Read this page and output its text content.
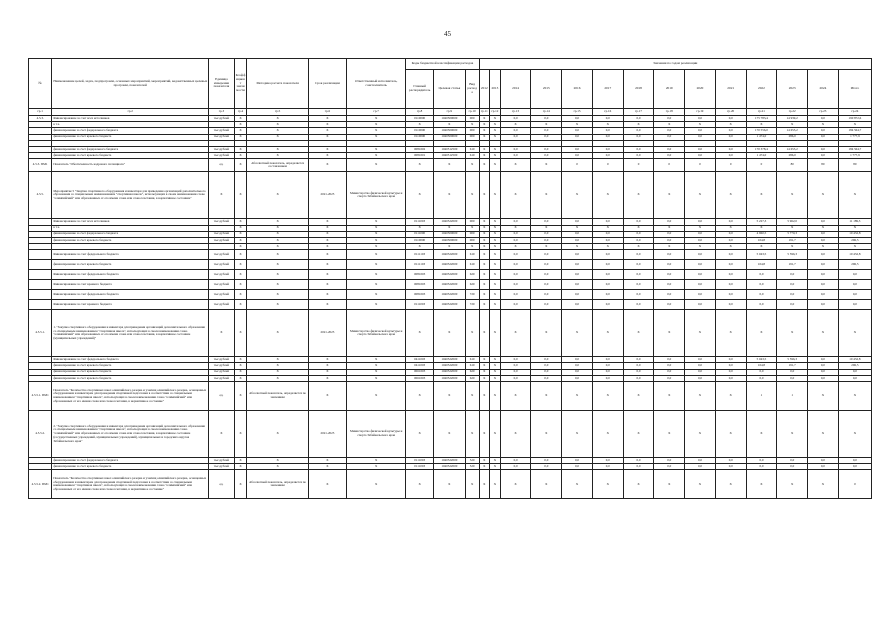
45
№	Наименование целей, задач, подпрограмм, основных мероприятий, мероприятий, ведомственных целевых программ, показателей	Единица измерения показателя	Коэффициент значимости	Методика расчета показателя	Срок реализации	Ответственный исполнитель, соисполнитель	Коды бюджетной классификации расходов			Значения по годам реализации													
							Главный распорядитель	Целевая статья	Вид расхода	2012	2013	2014	2015	2016	2017	2018	2019	2020	2021	2022	2023	2024	Итого
гр.1	гр.2	гр.3	гр.4	гр.5	гр.6	гр.7	гр.8	гр.9	гр.10	гр.11	гр.12	гр.13	гр.14	гр.15	гр.16	гр.17	гр.18	гр.19	гр.20	гр.21	гр.22	гр.23	гр.24
4.5.3.	Финансирование за счет всех источников	тыс.рублей	X	X	X	X	0110000	1040500000	000	X	X	0,0	0,0	0,0	0,0	0,0	0,0	0,0	0,0	175 783,4	14 939,2	0,0	190 872,6
	в т.ч.		X	X	X	X	X	X	X	X	X	X	X	X	X	X	X	X	X	X	X	X	X
	финансирование за счет федерального бюджета	тыс.рублей	X	X	X	X	0110000	1040500000	000	X	X	0,0	0,0	0,0	0,0	0,0	0,0	0,0	0,0	170 556,0	14 653,2	0,0	184 564,7
	финансирование за счет краевого бюджета	тыс.рублей	X	X	X	X	0110000	1040500000	000	X	X	0,0	0,0	0,0	0,0	0,0	0,0	0,0	0,0	1 474,0	286,0	0,0	1 777,9

	финансирование за счет федерального бюджета	тыс.рублей	X	X	X	X	0081002	1040512500	610	X	X	0,0	0,0	0,0	0,0	0,0	0,0	0,0	0,0	170 378,4	14 653,2	0,0	184 564,7
	финансирование за счет краевого бюджета	тыс.рублей	X	X	X	X	0081001	1040512500	610	X	X	0,0	0,0	0,0	0,0	0,0	0,0	0,0	0,0	1 474,0	286,0	0,0	1 777,9
4.5.3. ПМ1	Показатель "Обеспеченность кадрового потенциала"	ед.	X	Абсолютный показатель, определяется составлением	X	X	X	X	X	X	X	X	X	0	0	0	0	0	0	0	80	80	80
4.5.5.	Мероприятие 5 "Закупка спортивного оборудования и инвентаря для приведения организаций дополнительного образования со специальным наименованием "спортивная школа", использующих в своем наименовании слово "олимпийский" или образованных от его имени слова или словосочетания, в нормативное состояние"	X	X	X	2021-2025	Министерство физической культуры и спорта Забайкальского края	X	X	X	X	X	X	X	X	X	X	X	X	X	X	X	X	X
	Финансирование за счет всех источников	тыс.рублей	X	X	X	X	0111003	1040522000	000	X	X	0,0	0,0	0,0	0,0	0,0	0,0	0,0	0,0	5 227,3	5 962,0	0,0	11 189,3
	в т.ч.		X	X	X	X	X	X	X	X	X	X	X	X	X	X	X	X	X	X	X	X	X
	финансирование за счет федерального бюджета	тыс.рублей	X	X	X	X	0111000	1040500000	000	X	X	0,0	0,0	0,0	0,0	0,0	0,0	0,0	0,0	4 960,5	5 770,3	0,0	10 432,8
	финансирование за счет краевого бюджета	тыс.рублей	X	X	X	X	0110000	1040500000	000	X	X	0,0	0,0	0,0	0,0	0,0	0,0	0,0	0,0	104,8	191,7	0,0	296,5
			X	X	X	X	X	X	X	X	X	X	X	X	X	X	X	X	X	X	X	X	X
	Финансирование за счет федерального бюджета	тыс.рублей	X	X	X	X	0111103	1040522000	610	X	X	0,0	0,0	0,0	0,0	0,0	0,0	0,0	0,0	5 043,5	5 596,3	0,0	10 432,8
	финансирование за счет краевого бюджета	тыс.рублей	X	X	X	X	0111103	1040522000	610	X	X	0,0	0,0	0,0	0,0	0,0	0,0	0,0	0,0	104,8	191,7	0,0	296,5
	Финансирование за счет федерального бюджета	тыс.рублей	X	X	X	X	0081003	1040522000	620	X	X	0,0	0,0	0,0	0,0	0,0	0,0	0,0	0,0	0,0	0,0	0,0	0,0
	Финансирование за счет краевого бюджета	тыс.рублей	X	X	X	X	0081003	1040522000	620	X	X	0,0	0,0	0,0	0,0	0,0	0,0	0,0	0,0	0,0	0,0	0,0	0,0
	Финансирование за счет федерального бюджета	тыс.рублей	X	X	X	X	0081003	1040522000	720	X	X	0,0	0,0	0,0	0,0	0,0	0,0	0,0	0,0	0,0	0,0	0,0	0,0
	Финансирование за счет краевого бюджета	тыс.рублей	X	X	X	X	0111003	1040522000	720	X	X	0,0	0,0	0,0	0,0	0,0	0,0	0,0	0,0	0,0	0,0	0,0	0,0
4.5.5.1.	1. "Закупка спортивного оборудования и инвентаря для приведения организаций дополнительного образования со специальным наименованием "спортивная школа", использующих в своем наименовании слово "олимпийский" или образованных от его имени слова или словосочетания, в нормативное состояние (муниципальных учреждений)"	X	X	X	2021-2025	Министерство физической культуры и спорта Забайкальского края	X	X	X	X	X	X	X	X	X	X	X	X	X	X	X	X	X
	Финансирование за счет федерального бюджета	тыс.рублей	X	X	X	X	0411003	1040522000	610	X	X	0,0	0,0	0,0	0,0	0,0	0,0	0,0	0,0	5 043,5	5 596,3	0,0	10 432,8
	финансирование за счет краевого бюджета	тыс.рублей	X	X	X	X	0411003	1040522000	610	X	X	0,0	0,0	0,0	0,0	0,0	0,0	0,0	0,0	104,8	191,7	0,0	296,5
	финансирование за счет краевого бюджета	тыс.рублей	X	X	X	X	0061003	1040522000	620	X	X	0,0	0,0	0,0	0,0	0,0	0,0	0,0	0,0	0,0	0,0	0,0	0,0
	финансирование за счет краевого бюджета	тыс.рублей	X	X	X	X	0061003	1040522000	620	X	X	0,0	0,0	0,0	0,0	0,0	0,0	0,0	0,0	0,0	0,0	0,0	0,0
4.5.5.1. ПМ1	Показатель "Количество спортивных школ олимпийского резерва и училищ олимпийского резерва, оснащенных оборудованием и инвентарем для проведения спортивной подготовки в соответствии со специальным наименованием "спортивная школа", использующих в своем наименовании слово "олимпийский" или образованных от его имени слова или словосочетания, в нормативное состояние"	ед.	X	Абсолютный показатель, определяется по значениям	X	X	X	X	X	X	X	X	X	X	X	X	X	X	X	1	1	X	X
4.5.5.2.	2. "Закупка спортивного оборудования и инвентаря для приведения организаций дополнительного образования со специальным наименованием "спортивная школа", использующих в своем наименовании слово "олимпийский" или образованных от его имени слова или словосочетания, в нормативное состояние (государственных учреждений, муниципальных учреждений), муниципальных и городских округов Забайкальского края"	X	X	X	2021-2025	Министерство физической культуры и спорта Забайкальского края	X	X	X	X	X	X	X	X	X	X	X	X	X	X	X	X	X
	финансирование за счет федерального бюджета	тыс.рублей	X	X	X	X	0111003	1040522000	520	X	X	0,0	0,0	0,0	0,0	0,0	0,0	0,0	0,0	0,0	0,0	0,0	0,0
	финансирование за счет краевого бюджета	тыс.рублей	X	X	X	X	0111003	1040522000	520	X	X	0,0	0,0	0,0	0,0	0,0	0,0	0,0	0,0	0,0	0,0	0,0	0,0
4.5.5.2. ПМ1	Показатель "Количество спортивных школ олимпийского резерва и училищ олимпийского резерва, оснащенных оборудованием и инвентарем для проведения спортивной подготовки в соответствии со специальным наименованием "спортивная школа", использующих в своем наименовании слово "олимпийский" или образованных от его имени слова или словосочетания, в нормативное состояние"	ед.	X	Абсолютный показатель, определяется по значениям	X	X	X	X	X	X	X	X	X	X	X	X	X	X	X	X	X	X	0
